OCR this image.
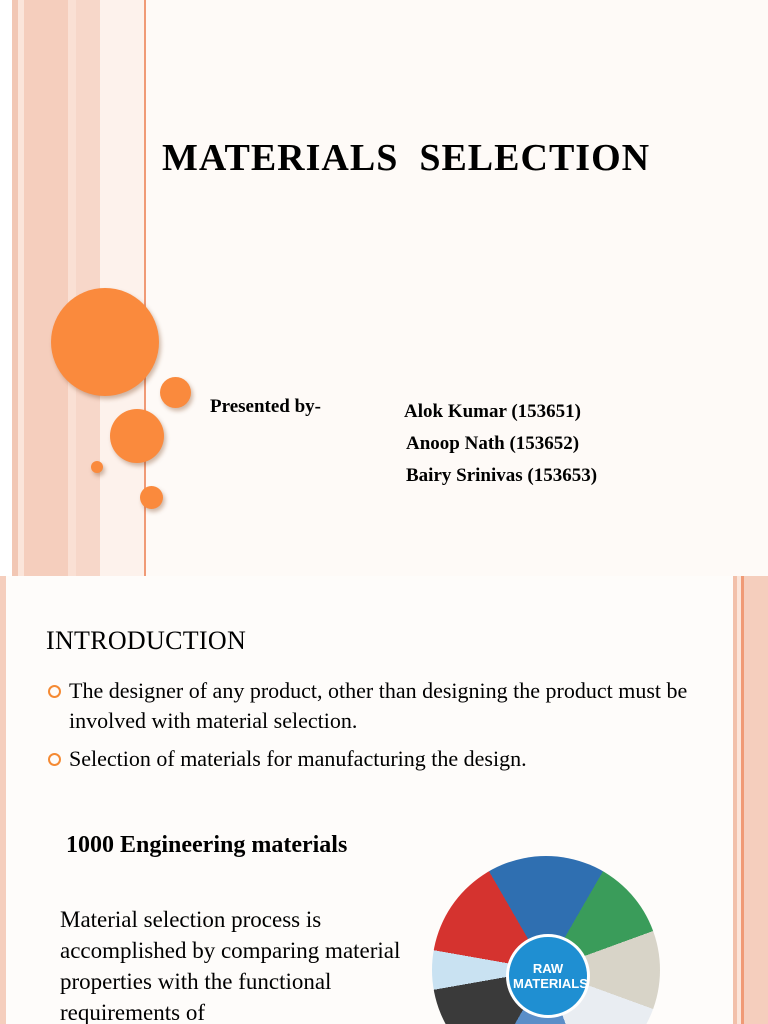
MATERIALS  SELECTION
Presented by-	Alok Kumar (153651)
Anoop Nath (153652)
Bairy Srinivas (153653)
INTRODUCTION
The designer of any product, other than designing the product must be involved with material selection.
Selection of materials for manufacturing the design.
1000 Engineering materials
Material selection process is accomplished by comparing material properties with the functional requirements of
RAW MATERIALS
